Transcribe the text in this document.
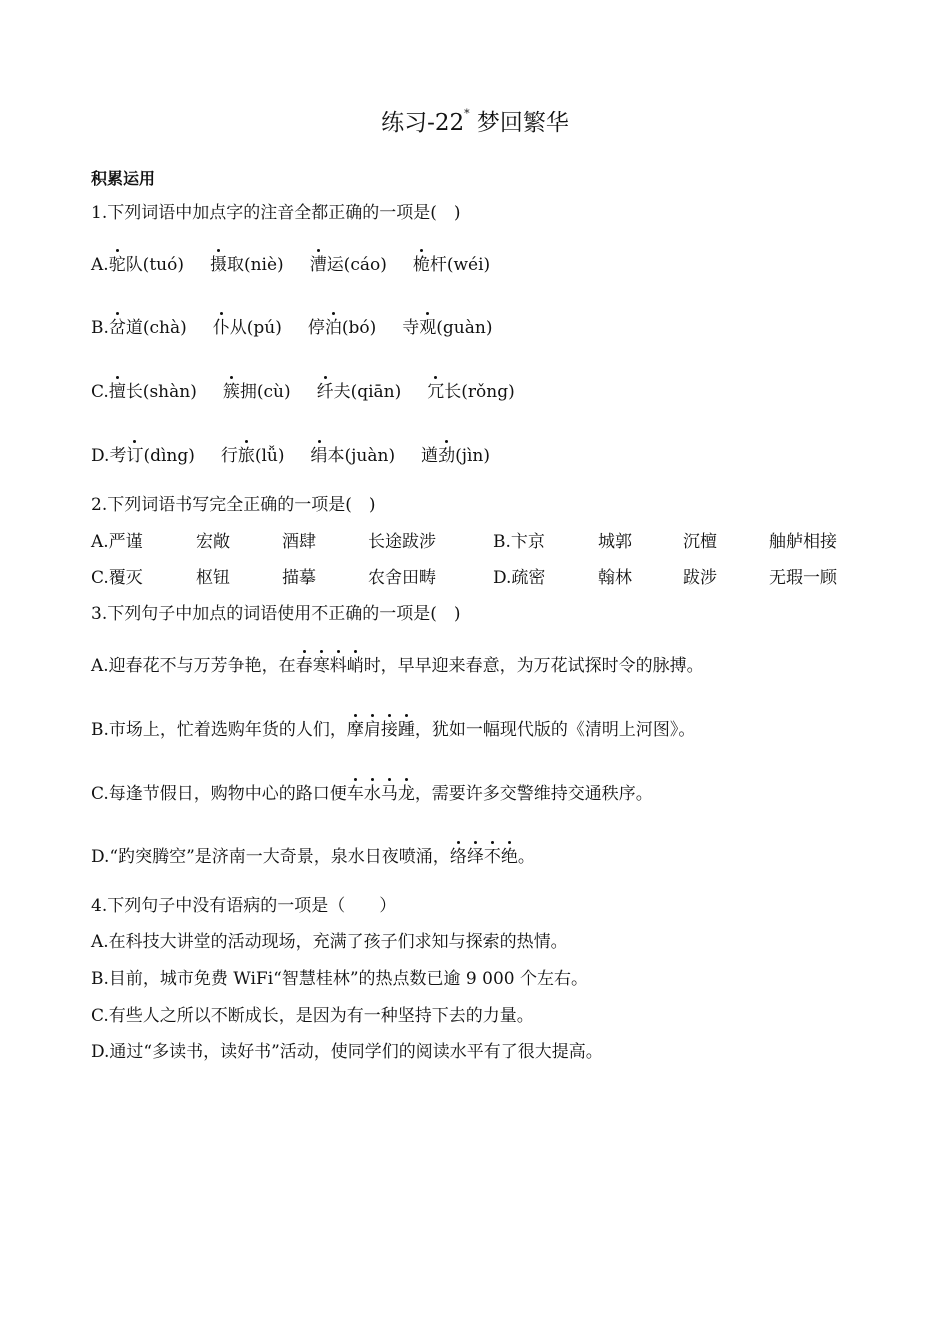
练习-22* 梦回繁华
积累运用
1.下列词语中加点字的注音全都正确的一项是(　)
A.驼队(tuó) 摄取(niè) 漕运(cáo) 桅杆(wéi)
B.岔道(chà) 仆从(pú) 停泊(bó) 寺观(guàn)
C.擅长(shàn) 簇拥(cù) 纤夫(qiān) 冗长(rǒng)
D.考订(dìng) 行旅(lǚ) 绢本(juàn) 遒劲(jìn)
2.下列词语书写完全正确的一项是(　)
A.严谨	宏敞	酒肆	长途跋涉	B.卞京	城郭	沉檀	舳舻相接
C.覆灭	枢钮	描摹	农舍田畴	D.疏密	翰林	跋涉	无瑕一顾
3.下列句子中加点的词语使用不正确的一项是(　)
A.迎春花不与万芳争艳，在春寒料峭时，早早迎来春意，为万花试探时令的脉搏。
B.市场上，忙着选购年货的人们，摩肩接踵，犹如一幅现代版的《清明上河图》。
C.每逢节假日，购物中心的路口便车水马龙，需要许多交警维持交通秩序。
D.“趵突腾空”是济南一大奇景，泉水日夜喷涌，络绎不绝。
4.下列句子中没有语病的一项是（　　）
A.在科技大讲堂的活动现场，充满了孩子们求知与探索的热情。
B.目前，城市免费 WiFi“智慧桂林”的热点数已逾 9 000 个左右。
C.有些人之所以不断成长，是因为有一种坚持下去的力量。
D.通过“多读书，读好书”活动，使同学们的阅读水平有了很大提高。
